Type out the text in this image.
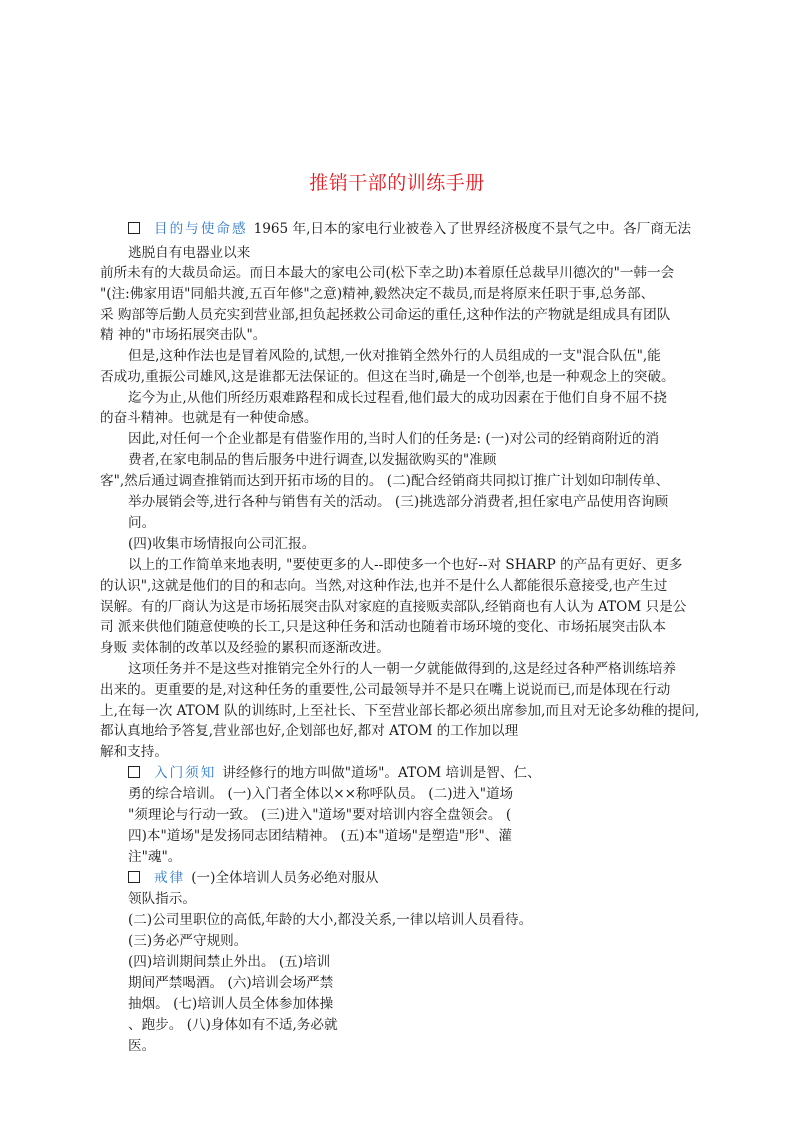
推销干部的训练手册
目的与使命感 1965 年,日本的家电行业被卷入了世界经济极度不景气之中。各厂商无法
逃脱自有电器业以来
前所未有的大裁员命运。而日本最大的家电公司(松下幸之助)本着原任总裁早川德次的"一韩一会
"(注:佛家用语"同船共渡,五百年修"之意)精神,毅然决定不裁员,而是将原来任职于事,总务部、
采 购部等后勤人员充实到营业部,担负起拯救公司命运的重任,这种作法的产物就是组成具有团队
精 神的"市场拓展突击队"。
但是,这种作法也是冒着风险的,试想,一伙对推销全然外行的人员组成的一支"混合队伍",能
否成功,重振公司雄风,这是谁都无法保证的。但这在当时,确是一个创举,也是一种观念上的突破。
迄今为止,从他们所经历艰难路程和成长过程看,他们最大的成功因素在于他们自身不屈不挠
的奋斗精神。也就是有一种使命感。
因此,对任何一个企业都是有借鉴作用的,当时人们的任务是: (一)对公司的经销商附近的消
费者,在家电制品的售后服务中进行调查,以发掘欲购买的"准顾
客",然后通过调查推销而达到开拓市场的目的。 (二)配合经销商共同拟订推广计划如印制传单、
举办展销会等,进行各种与销售有关的活动。 (三)挑选部分消费者,担任家电产品使用咨询顾
问。
(四)收集市场情报向公司汇报。
以上的工作简单来地表明, "要使更多的人--即使多一个也好--对 SHARP 的产品有更好、更多
的认识",这就是他们的目的和志向。当然,对这种作法,也并不是什么人都能很乐意接受,也产生过
误解。有的厂商认为这是市场拓展突击队对家庭的直接贩卖部队,经销商也有人认为 ATOM 只是公
司 派来供他们随意使唤的长工,只是这种任务和活动也随着市场环境的变化、市场拓展突击队本
身贩 卖体制的改革以及经验的累积而逐渐改进。
这项任务并不是这些对推销完全外行的人一朝一夕就能做得到的,这是经过各种严格训练培养
出来的。更重要的是,对这种任务的重要性,公司最领导并不是只在嘴上说说而已,而是体现在行动
上,在每一次 ATOM 队的训练时,上至社长、下至营业部长都必须出席参加,而且对无论多幼稚的提问,
都认真地给予答复,营业部也好,企划部也好,都对 ATOM 的工作加以理
解和支持。
入门须知 讲经修行的地方叫做"道场"。ATOM 培训是智、仁、
勇的综合培训。 (一)入门者全体以××称呼队员。 (二)进入"道场
"须理论与行动一致。 (三)进入"道场"要对培训内容全盘领会。 (
四)本"道场"是发扬同志团结精神。 (五)本"道场"是塑造"形"、灌
注"魂"。
戒律 (一)全体培训人员务必绝对服从
领队指示。
(二)公司里职位的高低,年龄的大小,都没关系,一律以培训人员看待。
(三)务必严守规则。
(四)培训期间禁止外出。 (五)培训
期间严禁喝酒。 (六)培训会场严禁
抽烟。 (七)培训人员全体参加体操
、跑步。 (八)身体如有不适,务必就
医。
